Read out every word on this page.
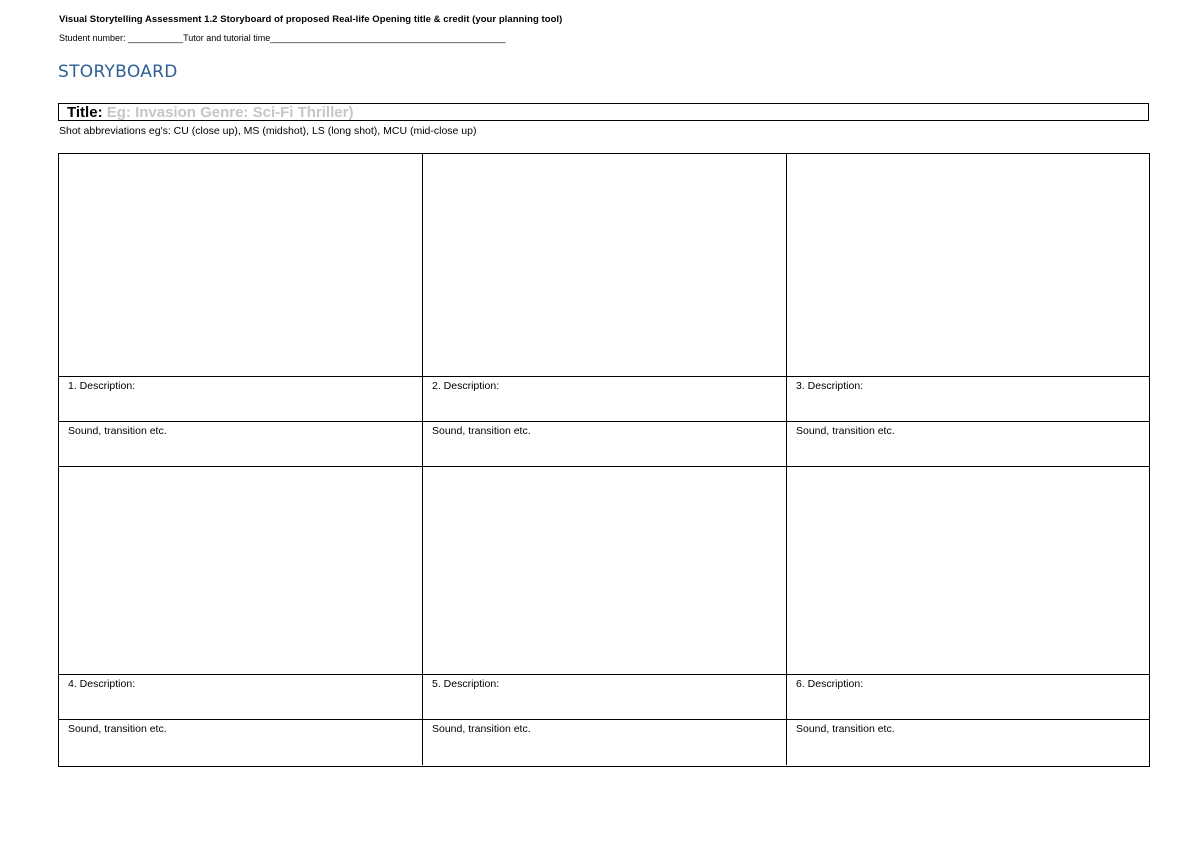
Visual Storytelling Assessment 1.2 Storyboard of proposed Real-life Opening title & credit (your planning tool)
Student number: ___________Tutor and tutorial time_______________________________________________
STORYBOARD
Title: Eg: Invasion Genre: Sci-Fi Thriller)
Shot abbreviations eg's: CU (close up), MS (midshot), LS (long shot), MCU (mid-close up)
1. Description:	2. Description:	3. Description:
Sound, transition etc.	Sound, transition etc.	Sound, transition etc.
4. Description:	5. Description:	6. Description:
Sound, transition etc.	Sound, transition etc.	Sound, transition etc.
